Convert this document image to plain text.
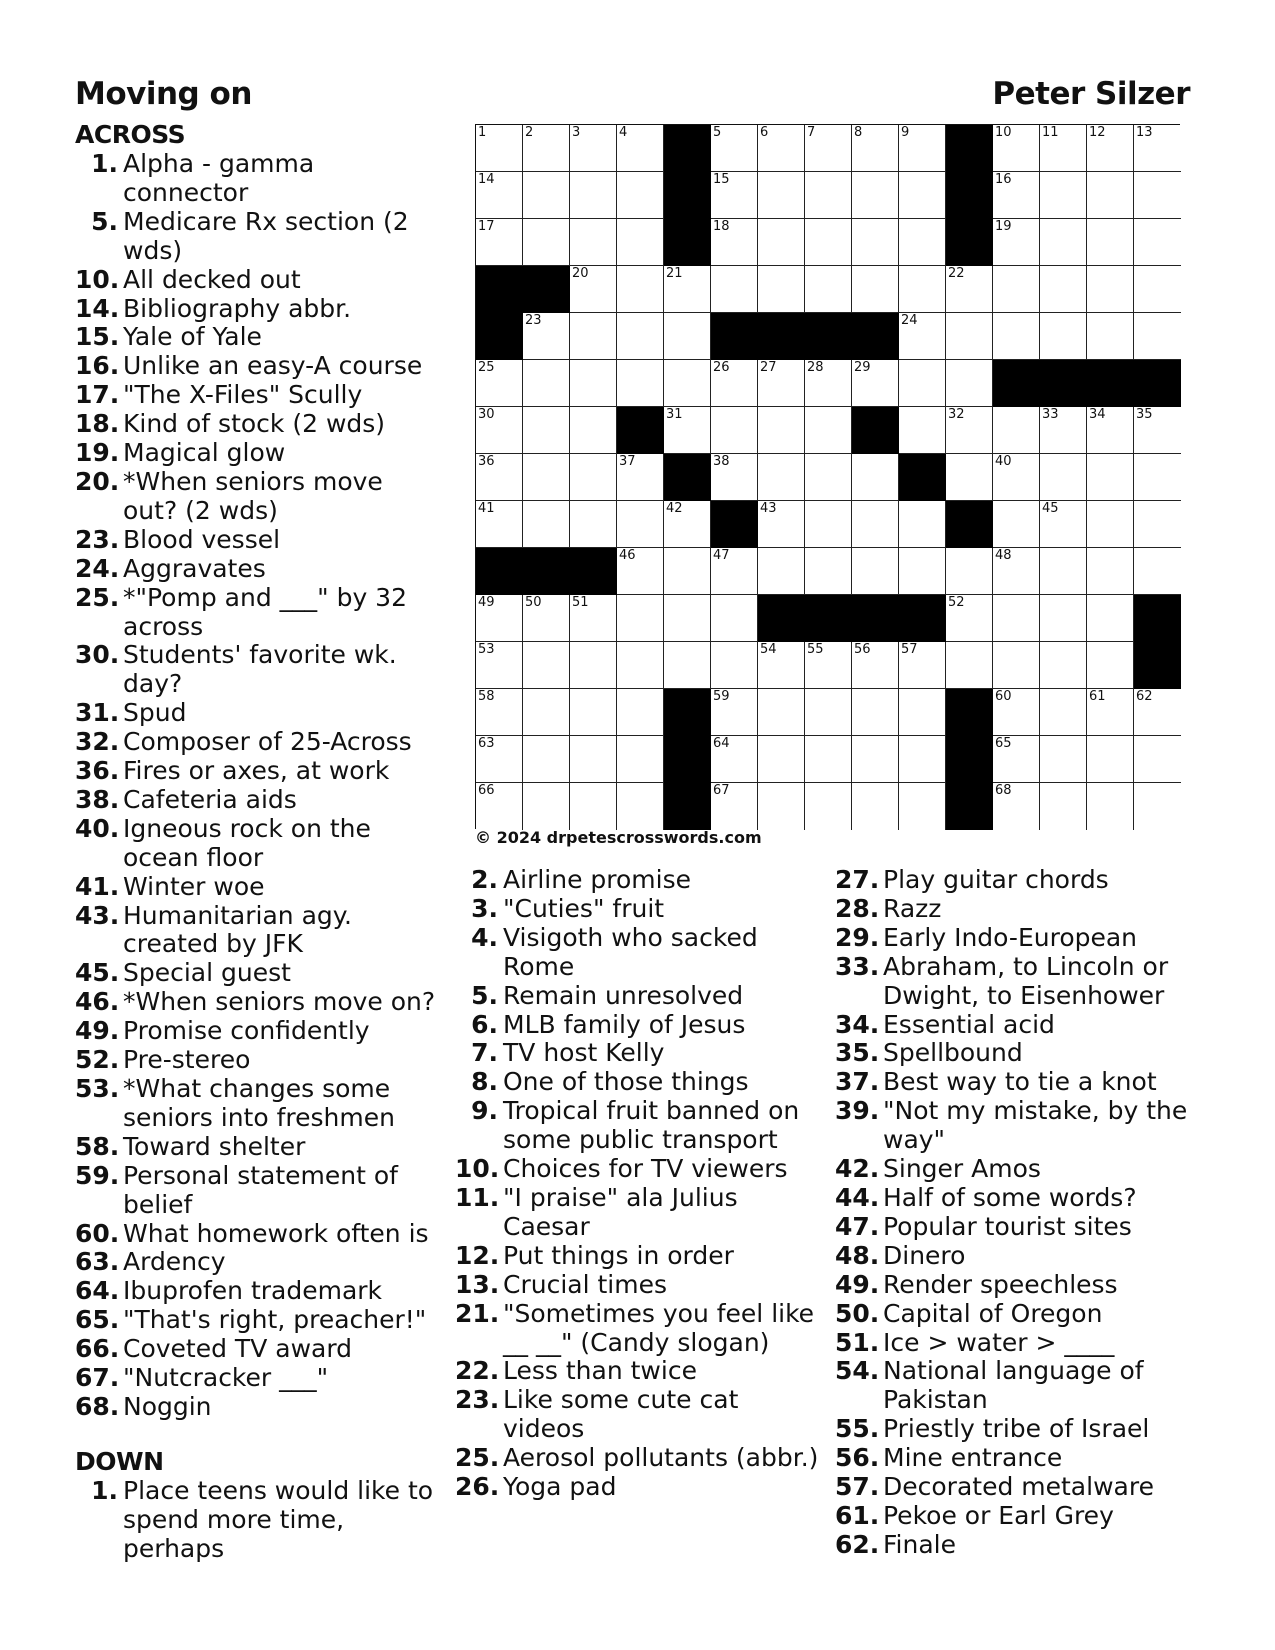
Moving on	Peter Silzer
ACROSS
1. Alpha - gamma connector
5. Medicare Rx section (2 wds)
10. All decked out
14. Bibliography abbr.
15. Yale of Yale
16. Unlike an easy-A course
17. "The X-Files" Scully
18. Kind of stock (2 wds)
19. Magical glow
20. *When seniors move out? (2 wds)
23. Blood vessel
24. Aggravates
25. *"Pomp and ___" by 32 across
30. Students' favorite wk. day?
31. Spud
32. Composer of 25-Across
36. Fires or axes, at work
38. Cafeteria aids
40. Igneous rock on the ocean floor
41. Winter woe
43. Humanitarian agy. created by JFK
45. Special guest
46. *When seniors move on?
49. Promise confidently
52. Pre-stereo
53. *What changes some seniors into freshmen
58. Toward shelter
59. Personal statement of belief
60. What homework often is
63. Ardency
64. Ibuprofen trademark
65. "That's right, preacher!"
66. Coveted TV award
67. "Nutcracker ___"
68. Noggin
DOWN
1. Place teens would like to spend more time, perhaps
2. Airline promise
3. "Cuties" fruit
4. Visigoth who sacked Rome
5. Remain unresolved
6. MLB family of Jesus
7. TV host Kelly
8. One of those things
9. Tropical fruit banned on some public transport
10. Choices for TV viewers
11. "I praise" ala Julius Caesar
12. Put things in order
13. Crucial times
21. "Sometimes you feel like __ __" (Candy slogan)
22. Less than twice
23. Like some cute cat videos
25. Aerosol pollutants (abbr.)
26. Yoga pad
27. Play guitar chords
28. Razz
29. Early Indo-European
33. Abraham, to Lincoln or Dwight, to Eisenhower
34. Essential acid
35. Spellbound
37. Best way to tie a knot
39. "Not my mistake, by the way"
42. Singer Amos
44. Half of some words?
47. Popular tourist sites
48. Dinero
49. Render speechless
50. Capital of Oregon
51. Ice > water > ____
54. National language of Pakistan
55. Priestly tribe of Israel
56. Mine entrance
57. Decorated metalware
61. Pekoe or Earl Grey
62. Finale
1	2	3	4	5	6	7	8	9	10 11 12 13
14	15	16
17	18	19
20	21	22
23	24
25	26 27 28 29
30	31	32	33 34 35
36	37	38	40
41	42	43	45
46	47	48
49 50 51	52
53	54 55 56 57
58	59	60	61 62
63	64	65
66	67	68
© 2024 drpetescrosswords.com
